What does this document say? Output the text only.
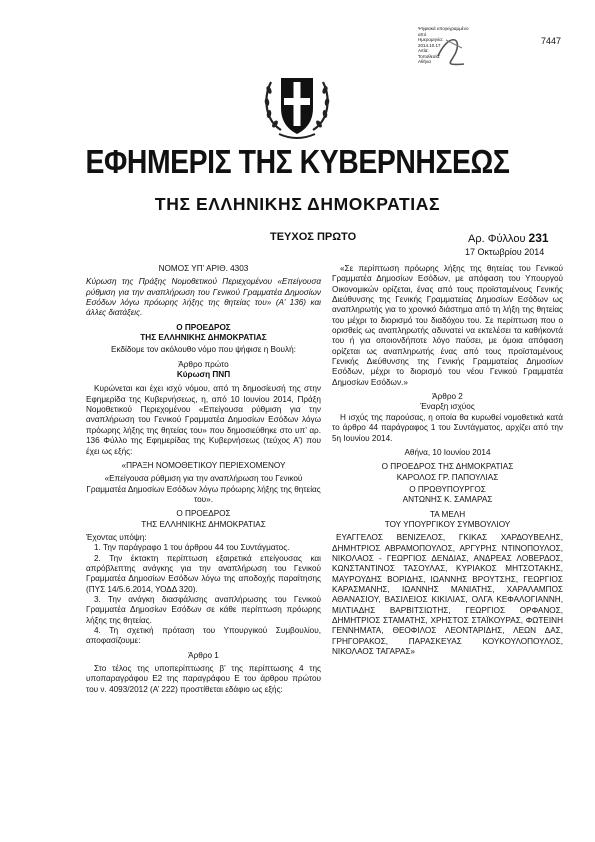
7447
Ψηφιακά υπογεγραμμένο
από
Ημερομηνία:
2014.10.17
Αιτία:
Τοποθεσία:
Αθήνα
ΕΦΗΜΕΡΙΣ ΤΗΣ ΚΥΒΕΡΝΗΣΕΩΣ
ΤΗΣ ΕΛΛΗΝΙΚΗΣ ΔΗΜΟΚΡΑΤΙΑΣ
ΤΕΥΧΟΣ ΠΡΩΤΟ	Αρ. Φύλλου 231
17 Οκτωβρίου 2014

ΝΟΜΟΣ ΥΠ’ ΑΡΙΘ. 4303

Κύρωση της Πράξης Νομοθετικού Περιεχομένου «Επείγουσα ρύθμιση για την αναπλήρωση του Γενικού Γραμματέα Δημοσίων Εσόδων λόγω πρόωρης λήξης της θητείας του» (Α’ 136) και άλλες διατάξεις.

Ο ΠΡΟΕΔΡΟΣ

ΤΗΣ ΕΛΛΗΝΙΚΗΣ ΔΗΜΟΚΡΑΤΙΑΣ

Εκδίδομε τον ακόλουθο νόμο που ψήφισε η Βουλή:

Άρθρο πρώτο

Κύρωση ΠΝΠ

Κυρώνεται και έχει ισχύ νόμου, από τη δημοσίευσή της στην Εφημερίδα της Κυβερνήσεως, η, από 10 Ιουνίου 2014, Πράξη Νομοθετικού Περιεχομένου «Επείγουσα ρύθμιση για την αναπλήρωση του Γενικού Γραμματέα Δημοσίων Εσόδων λόγω πρόωρης λήξης της θητείας του» που δημοσιεύθηκε στο υπ’ αρ. 136 Φύλλο της Εφημερίδας της Κυβερνήσεως (τεύχος Α’) που έχει ως εξής:

«ΠΡΑΞΗ ΝΟΜΟΘΕΤΙΚΟΥ ΠΕΡΙΕΧΟΜΕΝΟΥ

«Επείγουσα ρύθμιση για την αναπλήρωση του Γενικού Γραμματέα Δημοσίων Εσόδων λόγω πρόωρης λήξης της θητείας του».

Ο ΠΡΟΕΔΡΟΣ

ΤΗΣ ΕΛΛΗΝΙΚΗΣ ΔΗΜΟΚΡΑΤΙΑΣ

Έχοντας υπόψη:

1. Την παράγραφο 1 του άρθρου 44 του Συντάγματος.

2. Την έκτακτη περίπτωση εξαιρετικά επείγουσας και απρόβλεπτης ανάγκης για την αναπλήρωση του Γενικού Γραμματέα Δημοσίων Εσόδων λόγω της αποδοχής παραίτησης (ΠΥΣ 14/5.6.2014, ΥΟΔΔ 320).

3. Την ανάγκη διασφάλισης αναπλήρωσης του Γενικού Γραμματέα Δημοσίων Εσόδων σε κάθε περίπτωση πρόωρης λήξης της θητείας.

4. Τη σχετική πρόταση του Υπουργικού Συμβουλίου, αποφασίζουμε:

Άρθρο 1

Στο τέλος της υποπερίπτωσης β’ της περίπτωσης 4 της υποπαραγράφου Ε2 της παραγράφου Ε του άρθρου πρώτου του ν. 4093/2012 (Α’ 222) προστίθεται εδάφιο ως εξής:

«Σε περίπτωση πρόωρης λήξης της θητείας του Γενικού Γραμματέα Δημοσίων Εσόδων, με απόφαση του Υπουργού Οικονομικών ορίζεται, ένας από τους προϊσταμένους Γενικής Διεύθυνσης της Γενικής Γραμματείας Δημοσίων Εσόδων ως αναπληρωτής για το χρονικό διάστημα από τη λήξη της θητείας του μέχρι το διορισμό του διαδόχου του. Σε περίπτωση που ο ορισθείς ως αναπληρωτής αδυνατεί να εκτελέσει τα καθήκοντά του ή για οποιονδήποτε λόγο παύσει, με όμοια απόφαση ορίζεται ως αναπληρωτής ένας από τους προϊσταμένους Γενικής Διεύθυνσης της Γενικής Γραμματείας Δημοσίων Εσόδων, μέχρι το διορισμό του νέου Γενικού Γραμματέα Δημοσίων Εσόδων.»

Άρθρο 2

Έναρξη ισχύος

Η ισχύς της παρούσας, η οποία θα κυρωθεί νομοθετικά κατά το άρθρο 44 παράγραφος 1 του Συντάγματος, αρχίζει από την 5η Ιουνίου 2014.

Αθήνα, 10 Ιουνίου 2014

Ο ΠΡΟΕΔΡΟΣ ΤΗΣ ΔΗΜΟΚΡΑΤΙΑΣ

ΚΑΡΟΛΟΣ ΓΡ. ΠΑΠΟΥΛΙΑΣ

Ο ΠΡΩΘΥΠΟΥΡΓΟΣ

ΑΝΤΩΝΗΣ Κ. ΣΑΜΑΡΑΣ

ΤΑ ΜΕΛΗ

ΤΟΥ ΥΠΟΥΡΓΙΚΟΥ ΣΥΜΒΟΥΛΙΟΥ

ΕΥΑΓΓΕΛΟΣ ΒΕΝΙΖΕΛΟΣ, ΓΚΙΚΑΣ ΧΑΡΔΟΥΒΕΛΗΣ, ΔΗΜΗΤΡΙΟΣ ΑΒΡΑΜΟΠΟΥΛΟΣ, ΑΡΓΥΡΗΣ ΝΤΙΝΟΠΟΥΛΟΣ, ΝΙΚΟΛΑΟΣ - ΓΕΩΡΓΙΟΣ ΔΕΝΔΙΑΣ, ΑΝΔΡΕΑΣ ΛΟΒΕΡΔΟΣ, ΚΩΝΣΤΑΝΤΙΝΟΣ ΤΑΣΟΥΛΑΣ, ΚΥΡΙΑΚΟΣ ΜΗΤΣΟΤΑΚΗΣ, ΜΑΥΡΟΥΔΗΣ ΒΟΡΙΔΗΣ, ΙΩΑΝΝΗΣ ΒΡΟΥΤΣΗΣ, ΓΕΩΡΓΙΟΣ ΚΑΡΑΣΜΑΝΗΣ, ΙΩΑΝΝΗΣ ΜΑΝΙΑΤΗΣ, ΧΑΡΑΛΑΜΠΟΣ ΑΘΑΝΑΣΙΟΥ, ΒΑΣΙΛΕΙΟΣ ΚΙΚΙΛΙΑΣ, ΟΛΓΑ ΚΕΦΑΛΟΓΙΑΝΝΗ, ΜΙΛΤΙΑΔΗΣ ΒΑΡΒΙΤΣΙΩΤΗΣ, ΓΕΩΡΓΙΟΣ ΟΡΦΑΝΟΣ, ΔΗΜΗΤΡΙΟΣ ΣΤΑΜΑΤΗΣ, ΧΡΗΣΤΟΣ ΣΤΑΪΚΟΥΡΑΣ, ΦΩΤΕΙΝΗ ΓΕΝΝΗΜΑΤΑ, ΘΕΟΦΙΛΟΣ ΛΕΟΝΤΑΡΙΔΗΣ, ΛΕΩΝ ΔΑΣ, ΓΡΗΓΟΡΑΚΟΣ, ΠΑΡΑΣΚΕΥΑΣ ΚΟΥΚΟΥΛΟΠΟΥΛΟΣ, ΝΙΚΟΛΑΟΣ ΤΑΓΑΡΑΣ»
